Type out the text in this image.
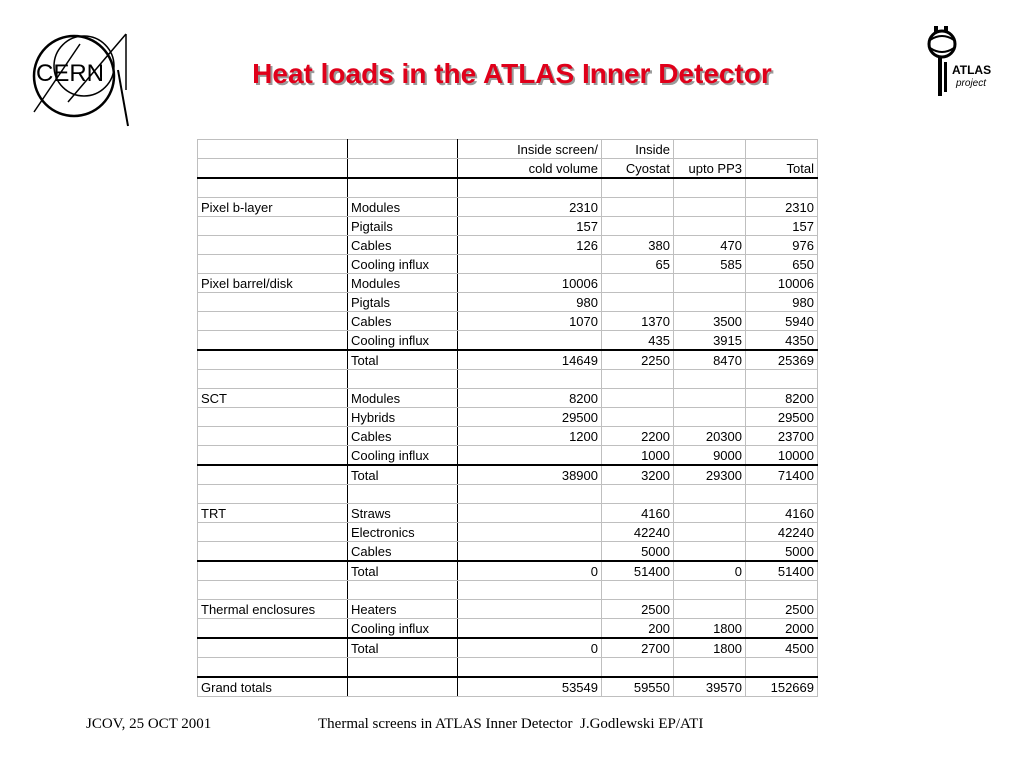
CERN	Heat loads in the ATLAS Inner Detector	ATLAS
project
		Inside screen/	Inside		
		cold volume	Cyostat	upto PP3	Total

Pixel b-layer	Modules	2310			2310
	Pigtails	157			157
	Cables	126	380	470	976
	Cooling influx		65	585	650
Pixel barrel/disk	Modules	10006			10006
	Pigtals	980			980
	Cables	1070	1370	3500	5940
	Cooling influx		435	3915	4350
	Total	14649	2250	8470	25369

SCT	Modules	8200			8200
	Hybrids	29500			29500
	Cables	1200	2200	20300	23700
	Cooling influx		1000	9000	10000
	Total	38900	3200	29300	71400

TRT	Straws		4160		4160
	Electronics		42240		42240
	Cables		5000		5000
	Total	0	51400	0	51400

Thermal enclosures	Heaters		2500		2500
	Cooling influx		200	1800	2000
	Total	0	2700	1800	4500

Grand totals		53549	59550	39570	152669
JCOV, 25 OCT 2001	Thermal screens in ATLAS Inner Detector  J.Godlewski EP/ATI
